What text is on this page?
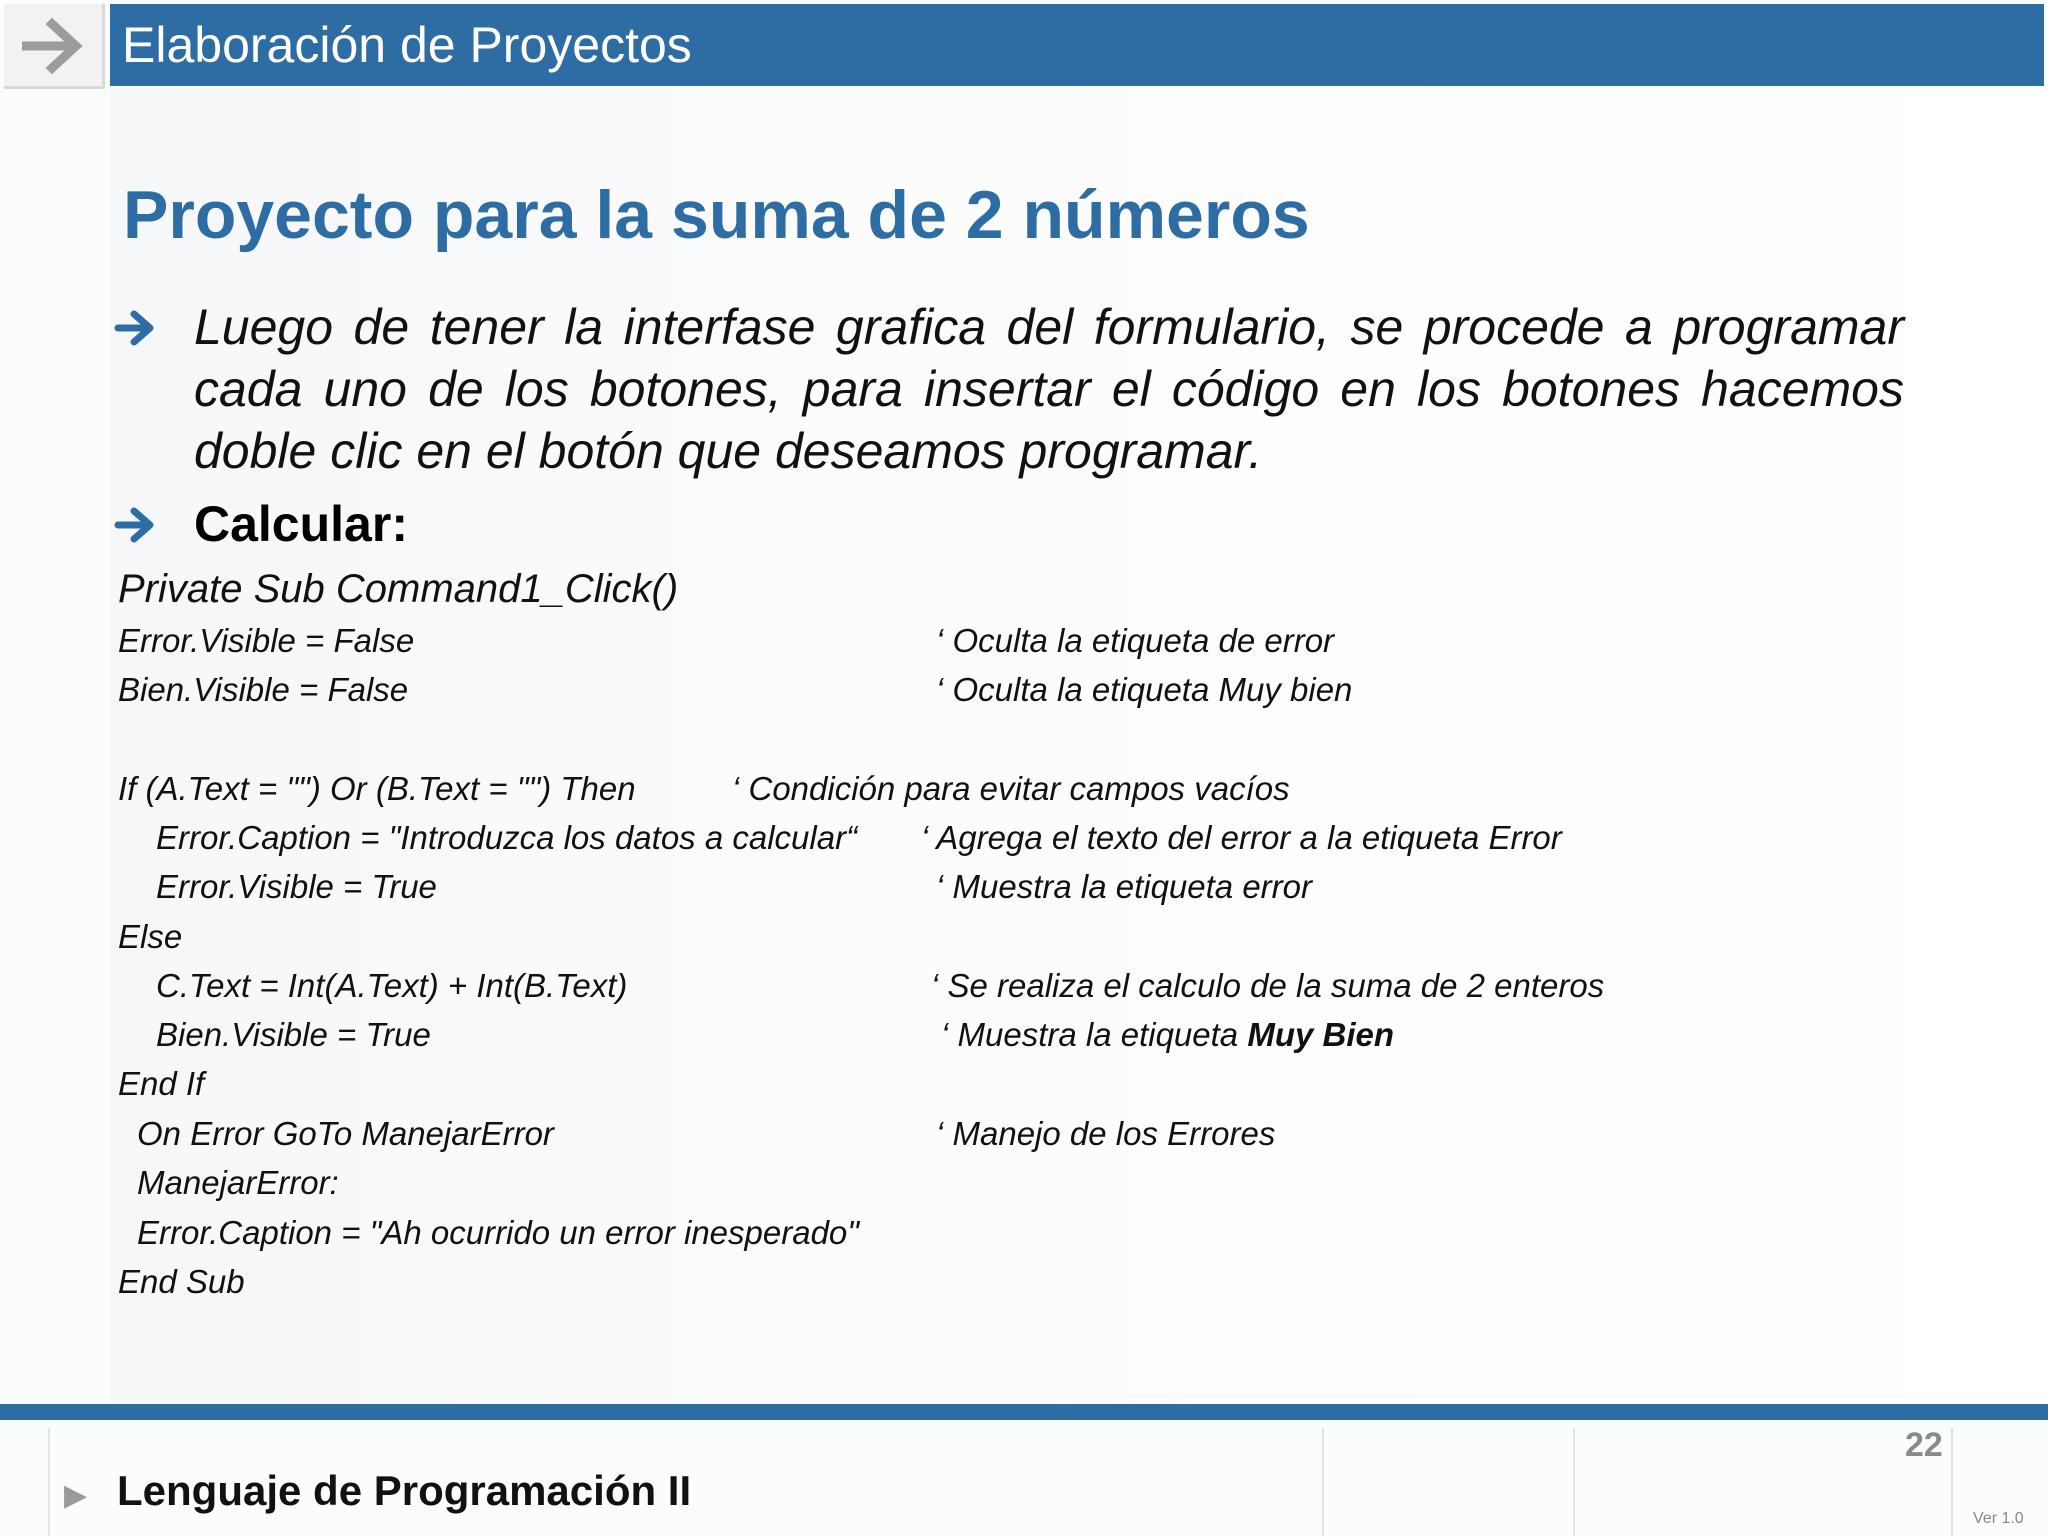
Elaboración de Proyectos
Proyecto para la suma de 2 números
Luego de tener la interfase grafica del formulario, se procede a programar cada uno de los botones, para insertar el código en los botones hacemos doble clic en el botón que deseamos programar.
Calcular:
Private Sub Command1_Click()
Error.Visible = False	‘ Oculta la etiqueta de error
Bien.Visible = False	‘ Oculta la etiqueta Muy bien
If (A.Text = "") Or (B.Text = "") Then	‘ Condición para evitar campos vacíos
Error.Caption = "Introduzca los datos a calcular“ ‘ Agrega el texto del error a la etiqueta Error
Error.Visible = True	‘ Muestra la etiqueta error
Else
C.Text = Int(A.Text) + Int(B.Text)	‘ Se realiza el calculo de la suma de 2 enteros
Bien.Visible = True	‘ Muestra la etiqueta Muy Bien
End If
On Error GoTo ManejarError	‘ Manejo de los Errores
ManejarError:
Error.Caption = "Ah ocurrido un error inesperado"
End Sub
▶ Lenguaje de Programación II
22
Ver 1.0
